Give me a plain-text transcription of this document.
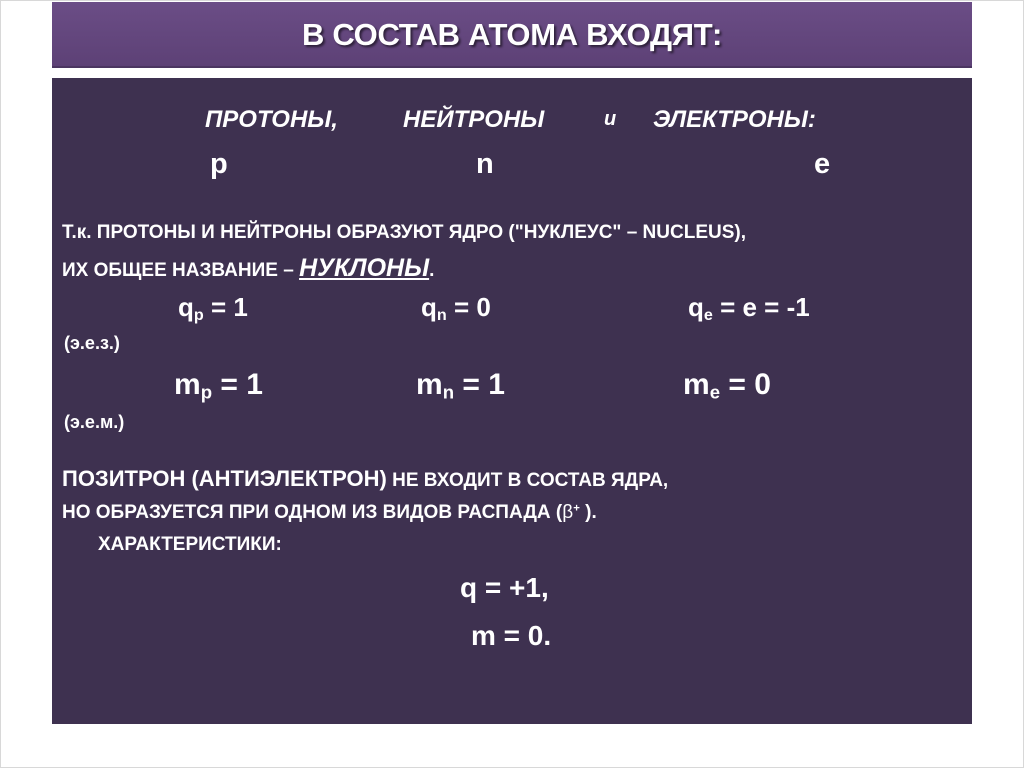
В СОСТАВ АТОМА ВХОДЯТ:
ПРОТОНЫ,	НЕЙТРОНЫ	и ЭЛЕКТРОНЫ:
p	n	e
Т.к. ПРОТОНЫ И НЕЙТРОНЫ ОБРАЗУЮТ ЯДРО ("НУКЛЕУС" – NUCLEUS),
ИХ ОБЩЕЕ НАЗВАНИЕ – НУКЛОНЫ.
$q_p = 1$	$q_n = 0$	$q_e = e = -1$
(э.е.з.)
$m_p = 1$	$m_n = 1$	$m_e = 0$
(э.е.м.)
ПОЗИТРОН (АНТИЭЛЕКТРОН) НЕ ВХОДИТ В СОСТАВ ЯДРА,
НО ОБРАЗУЕТСЯ ПРИ ОДНОМ ИЗ ВИДОВ РАСПАДА (β+ ).
ХАРАКТЕРИСТИКИ:
q = +1,
m = 0.
